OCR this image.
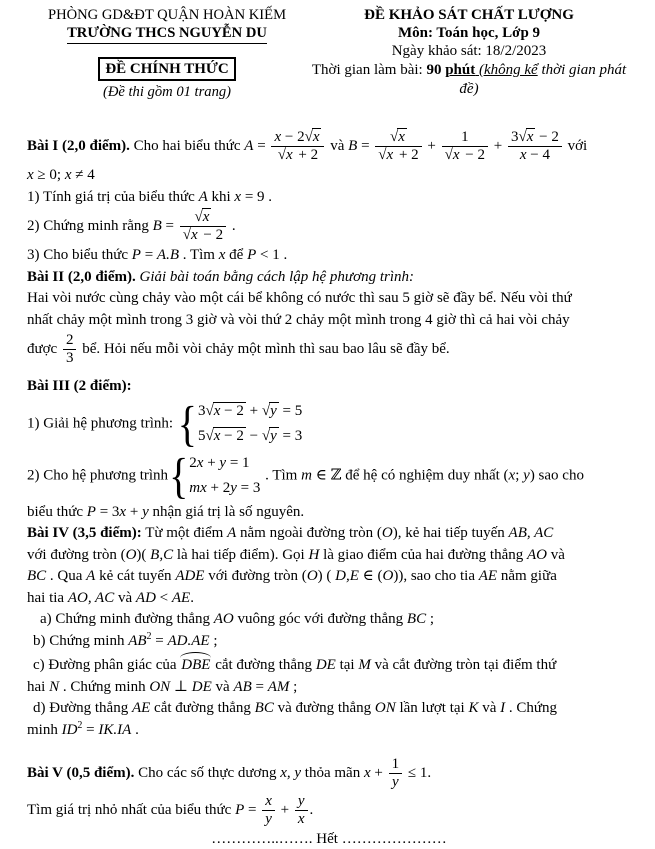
PHÒNG GD&ĐT QUẬN HOÀN KIẾM
TRƯỜNG THCS NGUYỄN DU
ĐỀ CHÍNH THỨC
(Đề thi gồm 01 trang)
ĐỀ KHẢO SÁT CHẤT LƯỢNG
Môn: Toán học, Lớp 9
Ngày khảo sát: 18/2/2023
Thời gian làm bài: 90 phút (không kể thời gian phát đề)
Bài I (2,0 điểm). Cho hai biểu thức $A = \frac{x - 2√x}{√x + 2}$ và $B = \frac{√x}{√x + 2} + \frac{1}{√x - 2} + \frac{3√x - 2}{x - 4}$ với
x ≥ 0; x ≠ 4
1) Tính giá trị của biểu thức A khi x = 9 .
2) Chứng minh rằng $B = \frac{√x}{√x - 2}$ .
3) Cho biểu thức P = A.B . Tìm x để P < 1 .
Bài II (2,0 điểm). Giải bài toán bằng cách lập hệ phương trình:
Hai vòi nước cùng chảy vào một cái bể không có nước thì sau 5 giờ sẽ đầy bể. Nếu vòi thứ
nhất chảy một mình trong 3 giờ và vòi thứ 2 chảy một mình trong 4 giờ thì cả hai vòi chảy
được $\frac{2}{3}$ bể. Hỏi nếu mỗi vòi chảy một mình thì sau bao lâu sẽ đầy bể.
Bài III (2 điểm):
1) Giải hệ phương trình: { 3√x − 2 + √y = 5
5√x − 2 − √y = 3
2) Cho hệ phương trình { 2x + y = 1
mx + 2y = 3
. Tìm m ∈ ℤ để hệ có nghiệm duy nhất (x; y) sao cho
biểu thức P = 3x + y nhận giá trị là số nguyên.
Bài IV (3,5 điểm): Từ một điểm A nằm ngoài đường tròn (O), kẻ hai tiếp tuyến AB, AC
với đường tròn (O)( B,C là hai tiếp điểm). Gọi H là giao điểm của hai đường thẳng AO và
BC . Qua A kẻ cát tuyến ADE với đường tròn (O) ( D,E ∈ (O)), sao cho tia AE nằm giữa
hai tia AO, AC và AD < AE.
a) Chứng minh đường thẳng AO vuông góc với đường thẳng BC ;
b) Chứng minh $AB^2 = AD.AE$ ;
c) Đường phân giác của DBE cắt đường thẳng DE tại M và cắt đường tròn tại điểm thứ
hai N . Chứng minh ON ⊥ DE và AB = AM ;
d) Đường thẳng AE cắt đường thẳng BC và đường thẳng ON lần lượt tại K và I . Chứng
minh $ID^2 = IK.IA$ .
Bài V (0,5 điểm). Cho các số thực dương x, y thỏa mãn $x + \frac{1}{y} \le 1$.
Tìm giá trị nhỏ nhất của biểu thức $P = \frac{x}{y} + \frac{y}{x}$ .
…………..……. Hết …………………
